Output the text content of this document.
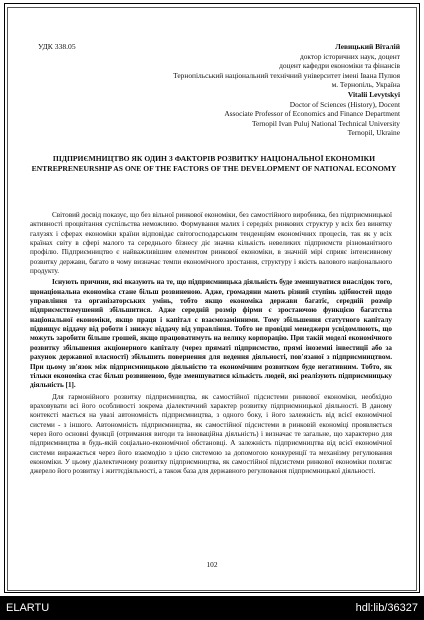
УДК 338.05	Левицький Віталій
доктор історичних наук, доцент
доцент кафедри економіки та фінансів
Тернопільський національний технічний університет імені Івана Пулюя
м. Тернопіль, Україна
Vitalii Levytskyi
Doctor of Sciences (History), Docent
Associate Professor of Economics and Finance Department
Ternopil Ivan Puluj National Technical University
Ternopil, Ukraine
ПІДПРИЄМНИЦТВО ЯК ОДИН З ФАКТОРІВ РОЗВИТКУ НАЦІОНАЛЬНОЇ ЕКОНОМІКИ
ENTREPRENEURSHIP AS ONE OF THE FACTORS OF THE DEVELOPMENT OF NATIONAL ECONOMY

Світовий досвід показує, що без вільної ринкової економіки, без самостійного виробника, без підприємницької активності процвітання суспільства неможливо. Формування малих і середніх ринкових структур у всіх без винятку галузях і сферах економіки країни відповідає світогосподарським тенденціям економічних процесів, так як у всіх країнах світу в сфері малого та середнього бізнесу діє значна кількість невеликих підприємств різноманітного профілю. Підприємництво є найважливішим елементом ринкової економіки, в значній мірі сприяє інтенсивному розвитку держави, багато в чому визначає темпи економічного зростання, структуру і якість валового національного продукту.

Існують причини, які вказують на те, що підприємницька діяльність буде зменшуватися внаслідок того, щонаціональна економіка стане більш розвиненою. Адже, громадяни мають різний ступінь здібностей щодо управління та організаторських умінь, тобто якщо економіка держави багатіє, середній розмір підприємствзмушений збільшитися. Адже середній розмір фірми є зростаючою функцією багатства національної економіки, якщо праця і капітал є взаємозамінними. Тому збільшення статутного капіталу підвищує віддачу від роботи і знижує віддачу від управління. Тобто не провідні менеджери усвідомлюють, що можуть заробити більше грошей, якщо працюватимуть на велику корпорацію. При такій моделі економічного розвитку збільшення акціонерного капіталу (через пряматі підприємство, прямі іноземні інвестиції або за рахунок державної власності) збільшить повернення для ведення діяльності, пов'язаної з підприємництвом. При цьому зв'язок між підприємницькою діяльністю та економічним розвитком буде негативним. Тобто, як тільки економіка стає більш розвиненою, буде зменшуватися кількість людей, які реалізують підприємницьку діяльність [1].

Для гармонійного розвитку підприємництва, як самостійної підсистеми ринкової економіки, необхідно враховувати всі його особливості зокрема діалектичний характер розвитку підприємницької діяльності. В даному контексті мається на увазі автономність підприємництва, з одного боку, і його залежність від всієї економічної системи - з іншого. Автономність підприємництва, як самостійної підсистеми в ринковій економіці проявляється через його основні функції (отримання вигоди та інноваційна діяльність) і визначає те загальне, що характерно для підприємництва в будь-якій соціально-економічної обстановці. А залежність підприємництва від всієї економічної системи виражається через його взаємодію з цією системою за допомогою конкуренції та механізму регулювання економіки. У цьому діалектичному розвитку підприємництва, як самостійної підсистеми ринкової економіки полягає джерело його розвитку і життєдіяльності, а також база для державного регулювання підприємницької діяльності.

102
ELARTU	hdl:lib/36327
